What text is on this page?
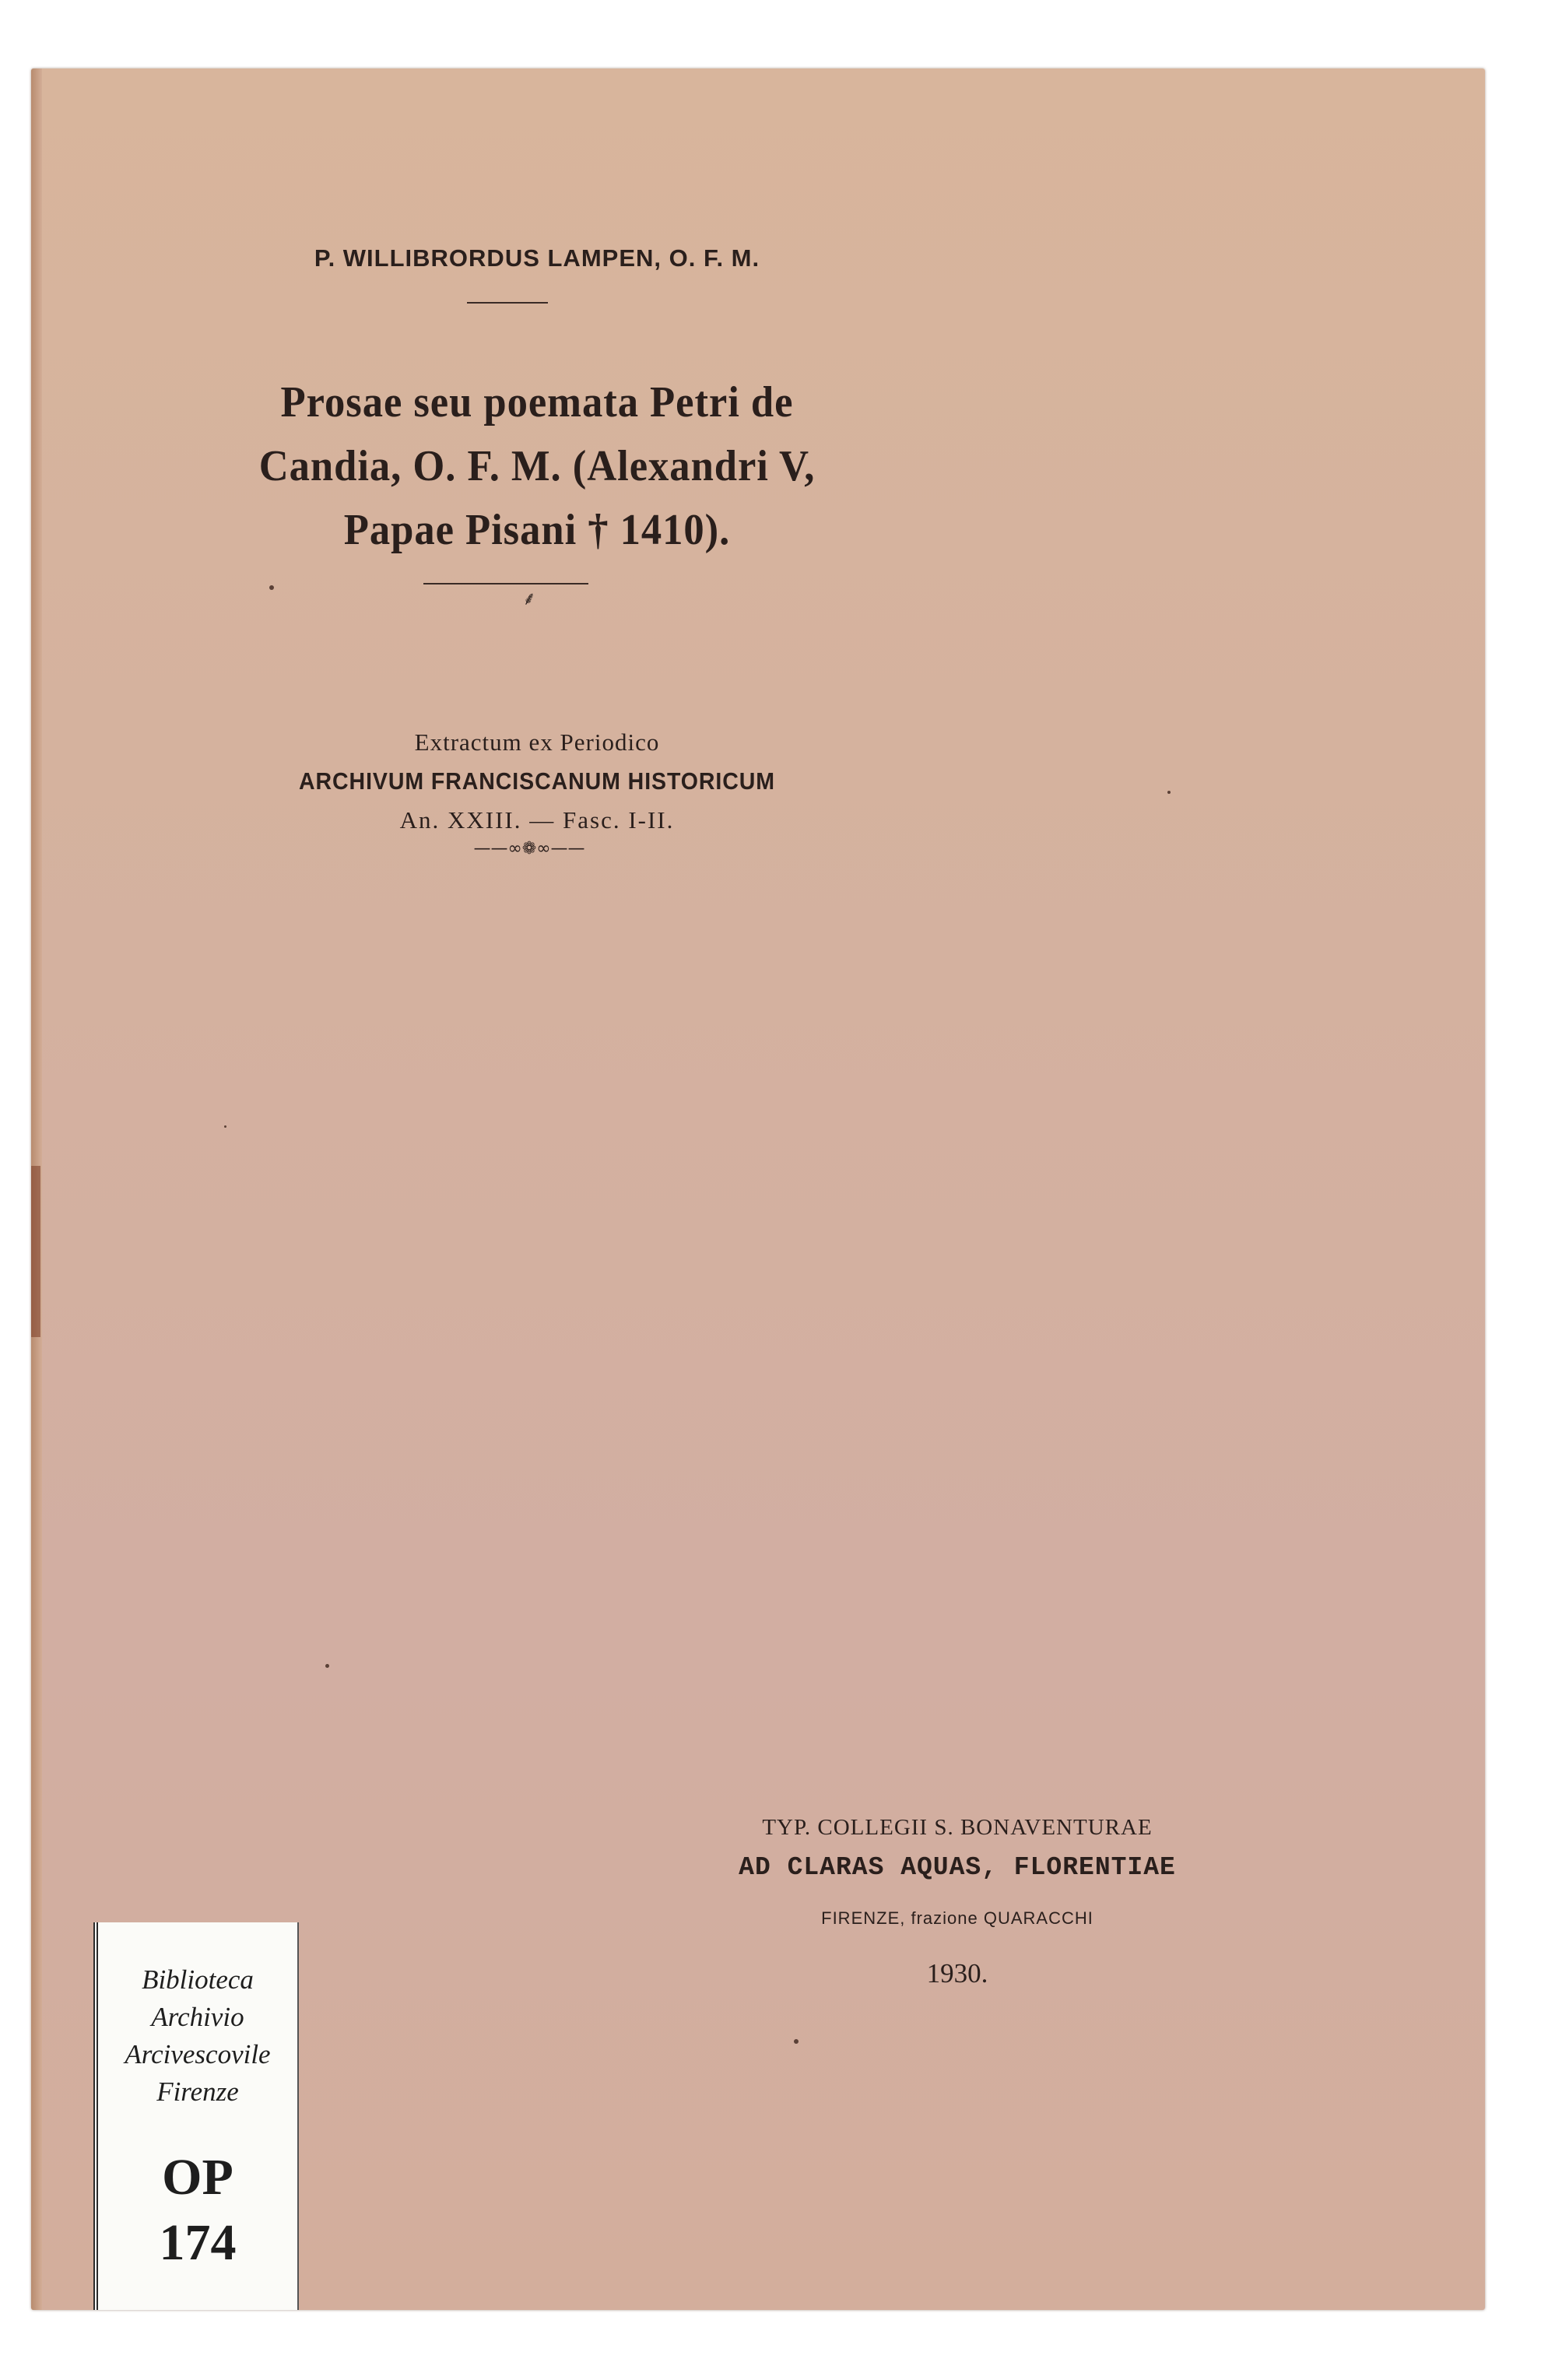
P. WILLIBRORDUS LAMPEN, O. F. M.
Prosae seu poemata Petri de
Candia, O. F. M. (Alexandri V,
Papae Pisani † 1410).
⸙
Extractum ex Periodico
ARCHIVUM FRANCISCANUM HISTORICUM
An. XXIII. — Fasc. I-II.
——∞❁∞——
TYP. COLLEGII S. BONAVENTURAE
AD CLARAS AQUAS, FLORENTIAE
FIRENZE, frazione QUARACCHI
1930.
Biblioteca
Archivio
Arcivescovile
Firenze
OP
174
